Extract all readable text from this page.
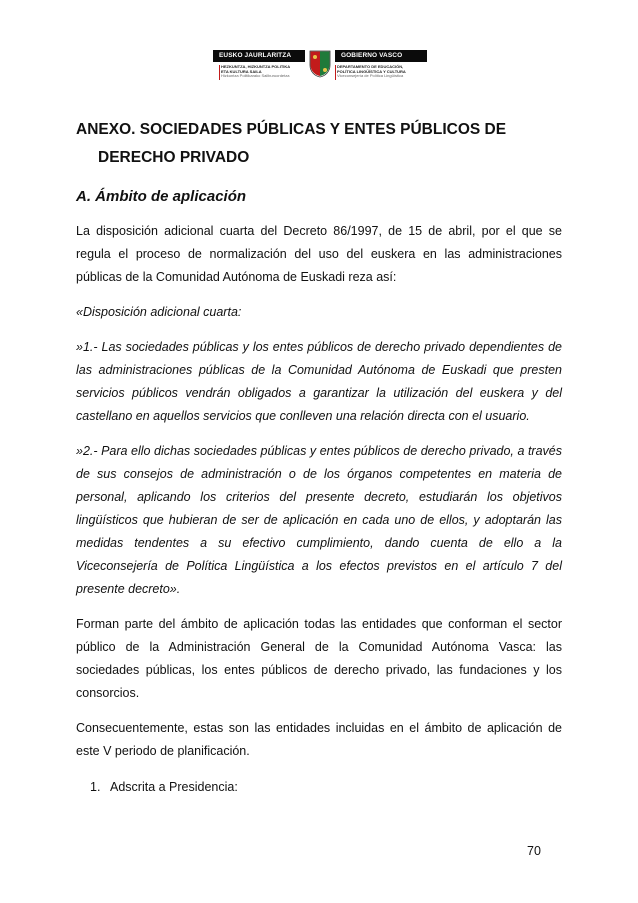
EUSKO JAURLARITZA	GOBIERNO VASCO
HEZKUNTZA, HIZKUNTZA POLITIKA
ETA KULTURA SAILA
Hizkuntza Politikarako Sailburuordetza
DEPARTAMENTO DE EDUCACIÓN,
POLÍTICA LINGÜÍSTICA Y CULTURA
Viceconsejería de Política Lingüística
ANEXO. SOCIEDADES PÚBLICAS Y ENTES PÚBLICOS DE
DERECHO PRIVADO
A. Ámbito de aplicación

La disposición adicional cuarta del Decreto 86/1997, de 15 de abril, por el que se regula el proceso de normalización del uso del euskera en las administraciones públicas de la Comunidad Autónoma de Euskadi reza así:

«Disposición adicional cuarta:

»1.- Las sociedades públicas y los entes públicos de derecho privado dependientes de las administraciones públicas de la Comunidad Autónoma de Euskadi que presten servicios públicos vendrán obligados a garantizar la utilización del euskera y del castellano en aquellos servicios que conlleven una relación directa con el usuario.

»2.- Para ello dichas sociedades públicas y entes públicos de derecho privado, a través de sus consejos de administración o de los órganos competentes en materia de personal, aplicando los criterios del presente decreto, estudiarán los objetivos lingüísticos que hubieran de ser de aplicación en cada uno de ellos, y adoptarán las medidas tendentes a su efectivo cumplimiento, dando cuenta de ello a la Viceconsejería de Política Lingüística a los efectos previstos en el artículo 7 del presente decreto».

Forman parte del ámbito de aplicación todas las entidades que conforman el sector público de la Administración General de la Comunidad Autónoma Vasca: las sociedades públicas, los entes públicos de derecho privado, las fundaciones y los consorcios.

Consecuentemente, estas son las entidades incluidas en el ámbito de aplicación de este V periodo de planificación.

1. Adscrita a Presidencia:
70
